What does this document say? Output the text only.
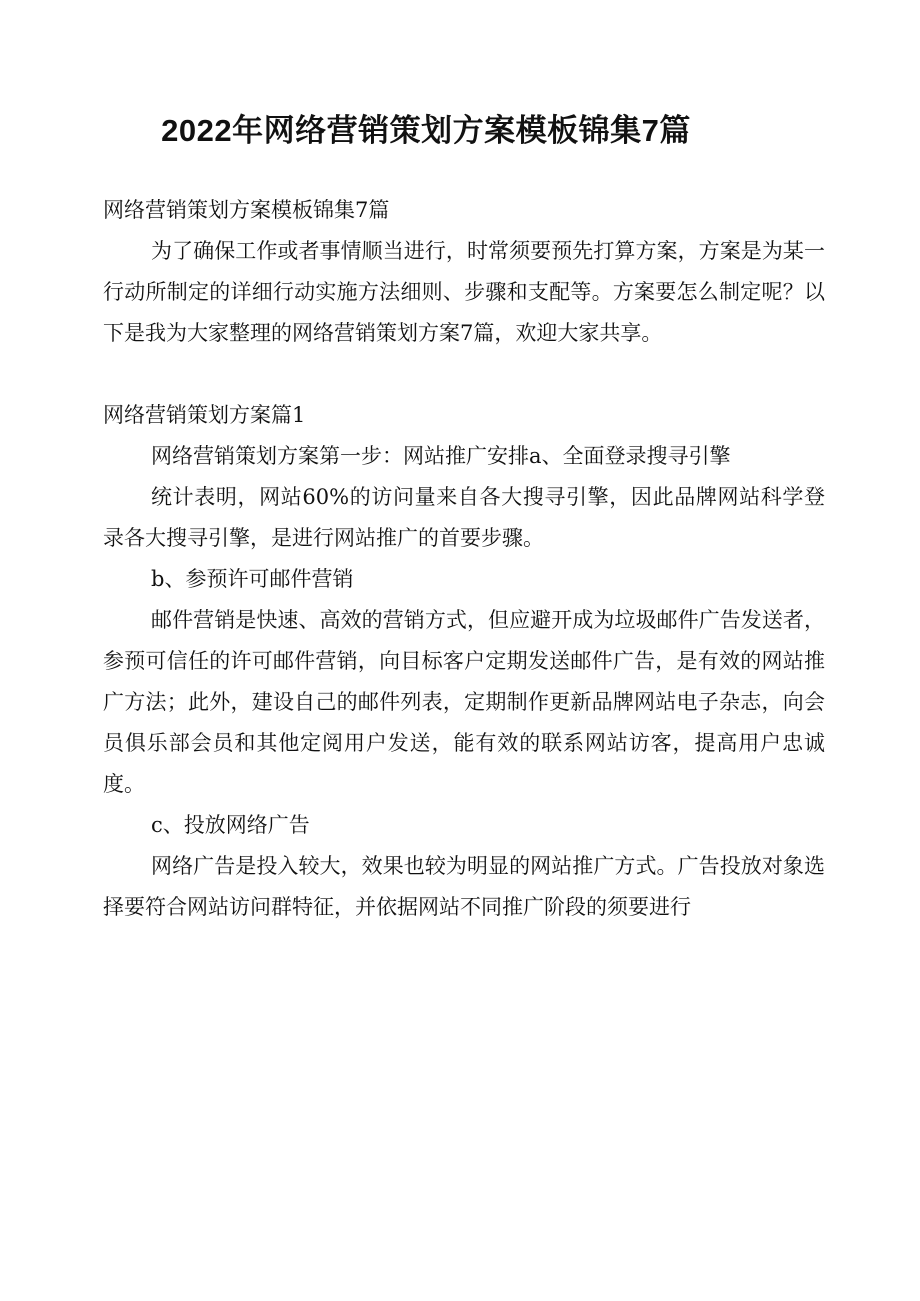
2022年网络营销策划方案模板锦集7篇

网络营销策划方案模板锦集7篇

为了确保工作或者事情顺当进行，时常须要预先打算方案，方案是为某一行动所制定的详细行动实施方法细则、步骤和支配等。方案要怎么制定呢？以下是我为大家整理的网络营销策划方案7篇，欢迎大家共享。

网络营销策划方案篇1

网络营销策划方案第一步：网站推广安排a、全面登录搜寻引擎

统计表明，网站60%的访问量来自各大搜寻引擎，因此品牌网站科学登录各大搜寻引擎，是进行网站推广的首要步骤。

b、参预许可邮件营销

邮件营销是快速、高效的营销方式，但应避开成为垃圾邮件广告发送者，参预可信任的许可邮件营销，向目标客户定期发送邮件广告，是有效的网站推广方法；此外，建设自己的邮件列表，定期制作更新品牌网站电子杂志，向会员俱乐部会员和其他定阅用户发送，能有效的联系网站访客，提高用户忠诚度。

c、投放网络广告

网络广告是投入较大，效果也较为明显的网站推广方式。广告投放对象选择要符合网站访问群特征，并依据网站不同推广阶段的须要进行
